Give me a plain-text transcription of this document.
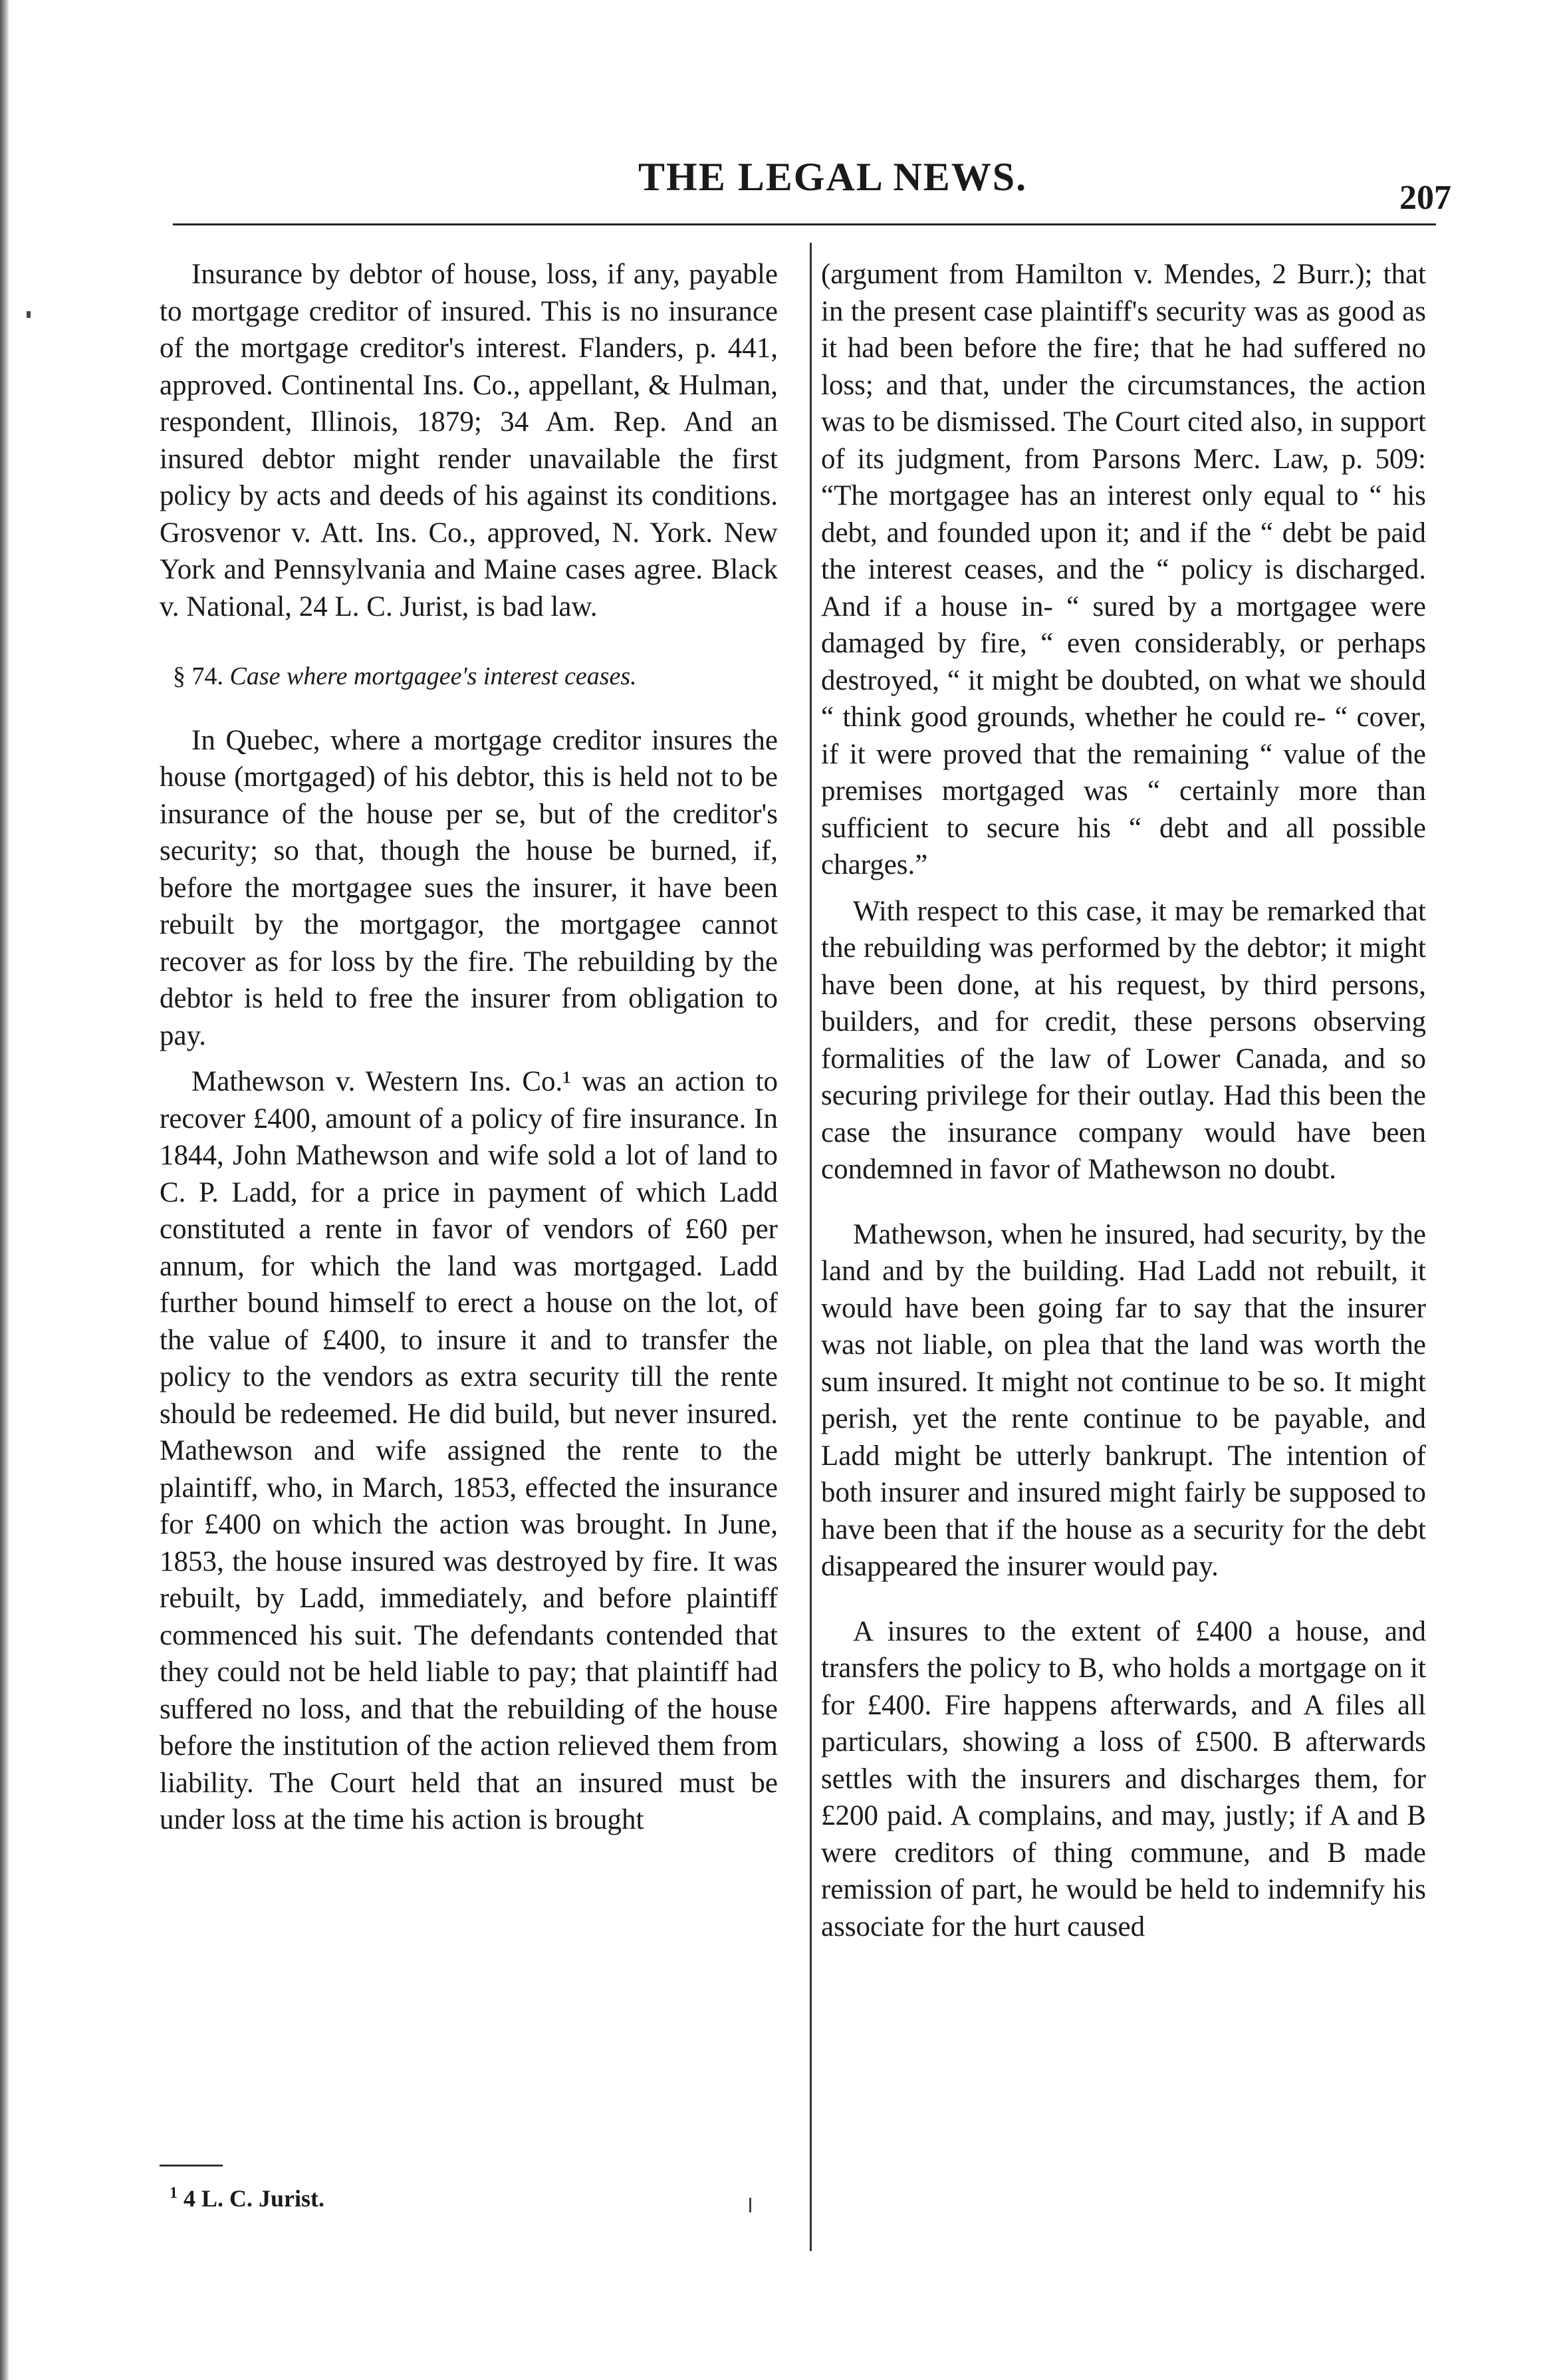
THE LEGAL NEWS.	207

Insurance by debtor of house, loss, if any, payable to mortgage creditor of insured. This is no insurance of the mortgage creditor's interest. Flanders, p. 441, approved. Continental Ins. Co., appellant, & Hulman, respondent, Illinois, 1879; 34 Am. Rep. And an insured debtor might render unavailable the first policy by acts and deeds of his against its conditions. Grosvenor v. Att. Ins. Co., approved, N. York. New York and Pennsylvania and Maine cases agree. Black v. National, 24 L. C. Jurist, is bad law.

§ 74. Case where mortgagee's interest ceases.

In Quebec, where a mortgage creditor insures the house (mortgaged) of his debtor, this is held not to be insurance of the house per se, but of the creditor's security; so that, though the house be burned, if, before the mortgagee sues the insurer, it have been rebuilt by the mortgagor, the mortgagee cannot recover as for loss by the fire. The rebuilding by the debtor is held to free the insurer from obligation to pay.

Mathewson v. Western Ins. Co.¹ was an action to recover £400, amount of a policy of fire insurance. In 1844, John Mathewson and wife sold a lot of land to C. P. Ladd, for a price in payment of which Ladd constituted a rente in favor of vendors of £60 per annum, for which the land was mortgaged. Ladd further bound himself to erect a house on the lot, of the value of £400, to insure it and to transfer the policy to the vendors as extra security till the rente should be redeemed. He did build, but never insured. Mathewson and wife assigned the rente to the plaintiff, who, in March, 1853, effected the insurance for £400 on which the action was brought. In June, 1853, the house insured was destroyed by fire. It was rebuilt, by Ladd, immediately, and before plaintiff commenced his suit. The defendants contended that they could not be held liable to pay; that plaintiff had suffered no loss, and that the rebuilding of the house before the institution of the action relieved them from liability. The Court held that an insured must be under loss at the time his action is brought

(argument from Hamilton v. Mendes, 2 Burr.); that in the present case plaintiff's security was as good as it had been before the fire; that he had suffered no loss; and that, under the circumstances, the action was to be dismissed. The Court cited also, in support of its judgment, from Parsons Merc. Law, p. 509: “The mortgagee has an interest only equal to “ his debt, and founded upon it; and if the “ debt be paid the interest ceases, and the “ policy is discharged. And if a house in- “ sured by a mortgagee were damaged by fire, “ even considerably, or perhaps destroyed, “ it might be doubted, on what we should “ think good grounds, whether he could re- “ cover, if it were proved that the remaining “ value of the premises mortgaged was “ certainly more than sufficient to secure his “ debt and all possible charges.”

With respect to this case, it may be remarked that the rebuilding was performed by the debtor; it might have been done, at his request, by third persons, builders, and for credit, these persons observing formalities of the law of Lower Canada, and so securing privilege for their outlay. Had this been the case the insurance company would have been condemned in favor of Mathewson no doubt.

Mathewson, when he insured, had security, by the land and by the building. Had Ladd not rebuilt, it would have been going far to say that the insurer was not liable, on plea that the land was worth the sum insured. It might not continue to be so. It might perish, yet the rente continue to be payable, and Ladd might be utterly bankrupt. The intention of both insurer and insured might fairly be supposed to have been that if the house as a security for the debt disappeared the insurer would pay.

A insures to the extent of £400 a house, and transfers the policy to B, who holds a mortgage on it for £400. Fire happens afterwards, and A files all particulars, showing a loss of £500. B afterwards settles with the insurers and discharges them, for £200 paid. A complains, and may, justly; if A and B were creditors of thing commune, and B made remission of part, he would be held to indemnify his associate for the hurt caused

$^1$ 4 L. C. Jurist.
